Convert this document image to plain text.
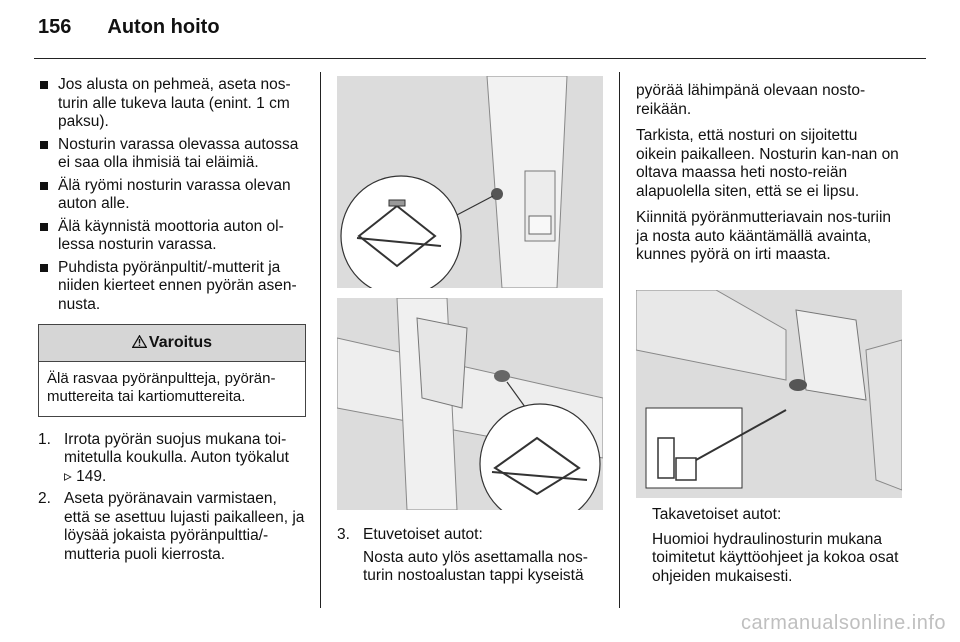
156 Auton hoito
Jos alusta on pehmeä, aseta nos-turin alle tukeva lauta (enint. 1 cm paksu).
Nosturin varassa olevassa autossa ei saa olla ihmisiä tai eläimiä.
Älä ryömi nosturin varassa olevan auton alle.
Älä käynnistä moottoria auton ol-lessa nosturin varassa.
Puhdista pyöränpultit/-mutterit ja niiden kierteet ennen pyörän asen-nusta.
Varoitus
Älä rasvaa pyöränpultteja, pyörän-muttereita tai kartiomuttereita.
1. Irrota pyörän suojus mukana toi-mitetulla koukulla. Auton työkalut
▹ 149.
2. Aseta pyöränavain varmistaen, että se asettuu lujasti paikalleen, ja löysää jokaista pyöränpulttia/-mutteria puoli kierrosta.
3. Etuvetoiset autot:
Nosta auto ylös asettamalla nos-turin nostoalustan tappi kyseistä

pyörää lähimpänä olevaan nosto-reikään.

Tarkista, että nosturi on sijoitettu oikein paikalleen. Nosturin kan-nan on oltava maassa heti nosto-reiän alapuolella siten, että se ei lipsu.

Kiinnitä pyöränmutteriavain nos-turiin ja nosta auto kääntämällä avainta, kunnes pyörä on irti maasta.

Takavetoiset autot:
Huomioi hydraulinosturin mukana toimitetut käyttöohjeet ja kokoa osat ohjeiden mukaisesti.
carmanualsonline.info
